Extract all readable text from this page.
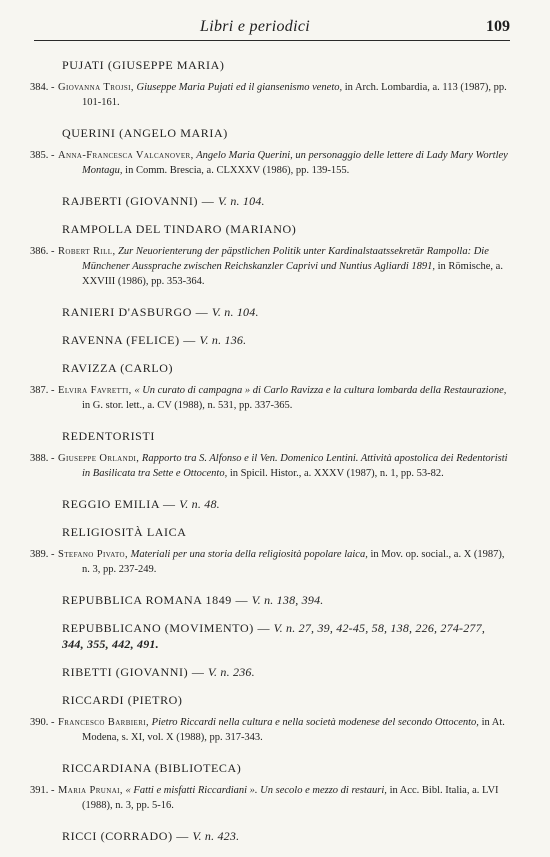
Libri e periodici	109
PUJATI (GIUSEPPE MARIA)
384. - Giovanna Trojsi, Giuseppe Maria Pujati ed il giansenismo veneto, in Arch. Lombardia, a. 113 (1987), pp. 101-161.
QUERINI (ANGELO MARIA)
385. - Anna-Francesca Valcanover, Angelo Maria Querini, un personaggio delle lettere di Lady Mary Wortley Montagu, in Comm. Brescia, a. CLXXXV (1986), pp. 139-155.
RAJBERTI (GIOVANNI) — V. n. 104.
RAMPOLLA DEL TINDARO (MARIANO)
386. - Robert Rill, Zur Neuorienterung der päpstlichen Politik unter Kardinalstaatssekretär Rampolla: Die Münchener Aussprache zwischen Reichskanzler Caprivi und Nuntius Agliardi 1891, in Römische, a. XXVIII (1986), pp. 353-364.
RANIERI D'ASBURGO — V. n. 104.
RAVENNA (FELICE) — V. n. 136.
RAVIZZA (CARLO)
387. - Elvira Favretti, « Un curato di campagna » di Carlo Ravizza e la cultura lombarda della Restaurazione, in G. stor. lett., a. CV (1988), n. 531, pp. 337-365.
REDENTORISTI
388. - Giuseppe Orlandi, Rapporto tra S. Alfonso e il Ven. Domenico Lentini. Attività apostolica dei Redentoristi in Basilicata tra Sette e Ottocento, in Spicil. Histor., a. XXXV (1987), n. 1, pp. 53-82.
REGGIO EMILIA — V. n. 48.
RELIGIOSITÀ LAICA
389. - Stefano Pivato, Materiali per una storia della religiosità popolare laica, in Mov. op. social., a. X (1987), n. 3, pp. 237-249.
REPUBBLICA ROMANA 1849 — V. n. 138, 394.
REPUBBLICANO (MOVIMENTO) — V. n. 27, 39, 42-45, 58, 138, 226, 274-277,
344, 355, 442, 491.
RIBETTI (GIOVANNI) — V. n. 236.
RICCARDI (PIETRO)
390. - Francesco Barbieri, Pietro Riccardi nella cultura e nella società modenese del secondo Ottocento, in At. Modena, s. XI, vol. X (1988), pp. 317-343.
RICCARDIANA (BIBLIOTECA)
391. - Maria Prunai, « Fatti e misfatti Riccardiani ». Un secolo e mezzo di restauri, in Acc. Bibl. Italia, a. LVI (1988), n. 3, pp. 5-16.
RICCI (CORRADO) — V. n. 423.
